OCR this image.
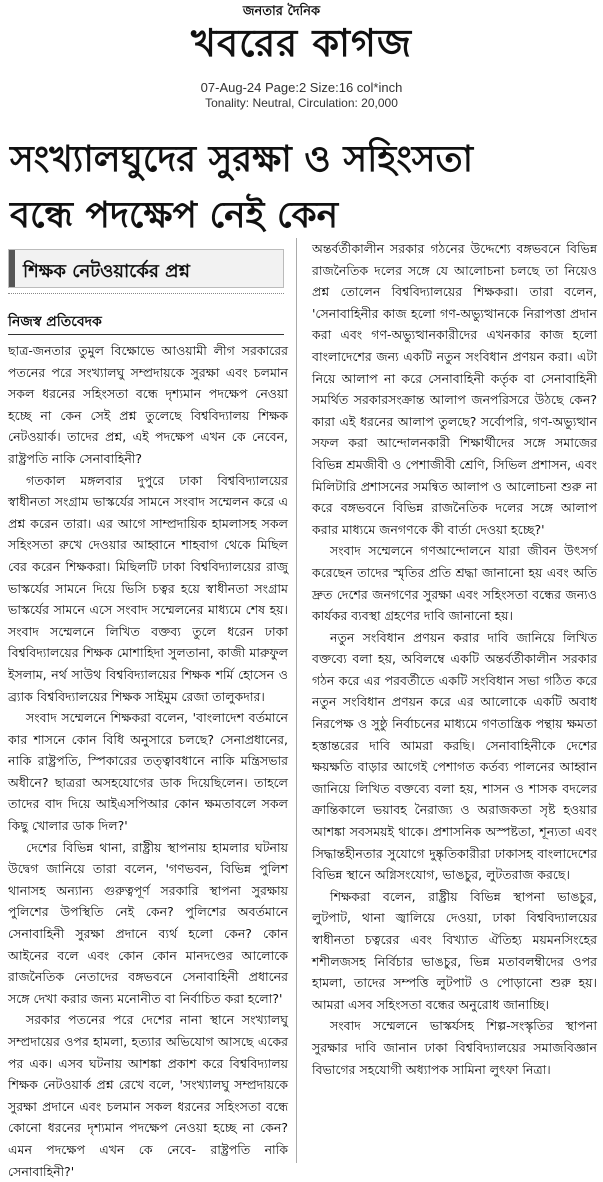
জনতার দৈনিক
খবরের কাগজ
07-Aug-24 Page:2 Size:16 col*inch
Tonality: Neutral, Circulation: 20,000
সংখ্যালঘুদের সুরক্ষা ও সহিংসতা
বন্ধে পদক্ষেপ নেই কেন
শিক্ষক নেটওয়ার্কের প্রশ্ন
নিজস্ব প্রতিবেদক

ছাত্র-জনতার তুমুল বিক্ষোভে আওয়ামী লীগ সরকারের পতনের পরে সংখ্যালঘু সম্প্রদায়কে সুরক্ষা এবং চলমান সকল ধরনের সহিংসতা বন্ধে দৃশ্যমান পদক্ষেপ নেওয়া হচ্ছে না কেন সেই প্রশ্ন তুলেছে বিশ্ববিদ্যালয় শিক্ষক নেটওয়ার্ক। তাদের প্রশ্ন, এই পদক্ষেপ এখন কে নেবেন, রাষ্ট্রপতি নাকি সেনাবাহিনী?

গতকাল মঙ্গলবার দুপুরে ঢাকা বিশ্ববিদ্যালয়ের স্বাধীনতা সংগ্রাম ভাস্কর্যের সামনে সংবাদ সম্মেলন করে এ প্রশ্ন করেন তারা। এর আগে সাম্প্রদায়িক হামলাসহ সকল সহিংসতা রুখে দেওয়ার আহ্বানে শাহবাগ থেকে মিছিল বের করেন শিক্ষকরা। মিছিলটি ঢাকা বিশ্ববিদ্যালয়ের রাজু ভাস্কর্যের সামনে দিয়ে ভিসি চত্বর হয়ে স্বাধীনতা সংগ্রাম ভাস্কর্যের সামনে এসে সংবাদ সম্মেলনের মাধ্যমে শেষ হয়। সংবাদ সম্মেলনে লিখিত বক্তব্য তুলে ধরেন ঢাকা বিশ্ববিদ্যালয়ের শিক্ষক মোশাহিদা সুলতানা, কাজী মারুফুল ইসলাম, নর্থ সাউথ বিশ্ববিদ্যালয়ের শিক্ষক শর্মি হোসেন ও ব্র্যাক বিশ্ববিদ্যালয়ের শিক্ষক সাইমুম রেজা তালুকদার।

সংবাদ সম্মেলনে শিক্ষকরা বলেন, 'বাংলাদেশ বর্তমানে কার শাসনে কোন বিধি অনুসারে চলছে? সেনাপ্রধানের, নাকি রাষ্ট্রপতি, স্পিকারের তত্ত্বাবধানে নাকি মন্ত্রিসভার অধীনে? ছাত্ররা অসহযোগের ডাক দিয়েছিলেন। তাহলে তাদের বাদ দিয়ে আইএসপিআর কোন ক্ষমতাবলে সকল কিছু খোলার ডাক দিল?'

দেশের বিভিন্ন থানা, রাষ্ট্রীয় স্থাপনায় হামলার ঘটনায় উদ্বেগ জানিয়ে তারা বলেন, 'গণভবন, বিভিন্ন পুলিশ থানাসহ অন্যান্য গুরুত্বপূর্ণ সরকারি স্থাপনা সুরক্ষায় পুলিশের উপস্থিতি নেই কেন? পুলিশের অবর্তমানে সেনাবাহিনী সুরক্ষা প্রদানে ব্যর্থ হলো কেন? কোন আইনের বলে এবং কোন কোন মানদণ্ডের আলোকে রাজনৈতিক নেতাদের বঙ্গভবনে সেনাবাহিনী প্রধানের সঙ্গে দেখা করার জন্য মনোনীত বা নির্বাচিত করা হলো?'

সরকার পতনের পরে দেশের নানা স্থানে সংখ্যালঘু সম্প্রদায়ের ওপর হামলা, হত্যার অভিযোগ আসছে একের পর এক। এসব ঘটনায় আশঙ্কা প্রকাশ করে বিশ্ববিদ্যালয় শিক্ষক নেটওয়ার্ক প্রশ্ন রেখে বলে, 'সংখ্যালঘু সম্প্রদায়কে সুরক্ষা প্রদানে এবং চলমান সকল ধরনের সহিংসতা বন্ধে কোনো ধরনের দৃশ্যমান পদক্ষেপ নেওয়া হচ্ছে না কেন? এমন পদক্ষেপ এখন কে নেবে- রাষ্ট্রপতি নাকি সেনাবাহিনী?'

অন্তর্বর্তীকালীন সরকার গঠনের উদ্দেশ্যে বঙ্গভবনে বিভিন্ন রাজনৈতিক দলের সঙ্গে যে আলোচনা চলছে তা নিয়েও প্রশ্ন তোলেন বিশ্ববিদ্যালয়ের শিক্ষকরা। তারা বলেন, 'সেনাবাহিনীর কাজ হলো গণ-অভ্যুত্থানকে নিরাপত্তা প্রদান করা এবং গণ-অভ্যুত্থানকারীদের এখনকার কাজ হলো বাংলাদেশের জন্য একটি নতুন সংবিধান প্রণয়ন করা। এটা নিয়ে আলাপ না করে সেনাবাহিনী কর্তৃক বা সেনাবাহিনী সমর্থিত সরকারসংক্রান্ত আলাপ জনপরিসরে উঠছে কেন? কারা এই ধরনের আলাপ তুলছে? সর্বোপরি, গণ-অভ্যুত্থান সফল করা আন্দোলনকারী শিক্ষার্থীদের সঙ্গে সমাজের বিভিন্ন শ্রমজীবী ও পেশাজীবী শ্রেণি, সিভিল প্রশাসন, এবং মিলিটারি প্রশাসনের সমন্বিত আলাপ ও আলোচনা শুরু না করে বঙ্গভবনে বিভিন্ন রাজনৈতিক দলের সঙ্গে আলাপ করার মাধ্যমে জনগণকে কী বার্তা দেওয়া হচ্ছে?'

সংবাদ সম্মেলনে গণআন্দোলনে যারা জীবন উৎসর্গ করেছেন তাদের স্মৃতির প্রতি শ্রদ্ধা জানানো হয় এবং অতি দ্রুত দেশের জনগণের সুরক্ষা এবং সহিংসতা বন্ধের জন্যও কার্যকর ব্যবস্থা গ্রহণের দাবি জানানো হয়।

নতুন সংবিধান প্রণয়ন করার দাবি জানিয়ে লিখিত বক্তব্যে বলা হয়, অবিলম্বে একটি অন্তর্বর্তীকালীন সরকার গঠন করে এর পরবর্তীতে একটি সংবিধান সভা গঠিত করে নতুন সংবিধান প্রণয়ন করে এর আলোকে একটি অবাধ নিরপেক্ষ ও সুষ্ঠু নির্বাচনের মাধ্যমে গণতান্ত্রিক পন্থায় ক্ষমতা হস্তান্তরের দাবি আমরা করছি। সেনাবাহিনীকে দেশের ক্ষয়ক্ষতি বাড়ার আগেই পেশাগত কর্তব্য পালনের আহ্বান জানিয়ে লিখিত বক্তব্যে বলা হয়, শাসন ও শাসক বদলের ক্রান্তিকালে ভয়াবহ নৈরাজ্য ও অরাজকতা সৃষ্ট হওয়ার আশঙ্কা সবসময়ই থাকে। প্রশাসনিক অস্পষ্টতা, শূন্যতা এবং সিদ্ধান্তহীনতার সুযোগে দুষ্কৃতিকারীরা ঢাকাসহ বাংলাদেশের বিভিন্ন স্থানে অগ্নিসংযোগ, ভাঙচুর, লুটতরাজ করছে।

শিক্ষকরা বলেন, রাষ্ট্রীয় বিভিন্ন স্থাপনা ভাঙচুর, লুটপাট, থানা জ্বালিয়ে দেওয়া, ঢাকা বিশ্ববিদ্যালয়ের স্বাধীনতা চত্বরের এবং বিখ্যাত ঐতিহ্য ময়মনসিংহের শশীলজসহ নির্বিচার ভাঙচুর, ভিন্ন মতাবলম্বীদের ওপর হামলা, তাদের সম্পত্তি লুটপাট ও পোড়ানো শুরু হয়। আমরা এসব সহিংসতা বন্ধের অনুরোধ জানাচ্ছি।

সংবাদ সম্মেলনে ভাস্কর্যসহ শিল্প-সংস্কৃতির স্থাপনা সুরক্ষার দাবি জানান ঢাকা বিশ্ববিদ্যালয়ের সমাজবিজ্ঞান বিভাগের সহযোগী অধ্যাপক সামিনা লুৎফা নিত্রা।
